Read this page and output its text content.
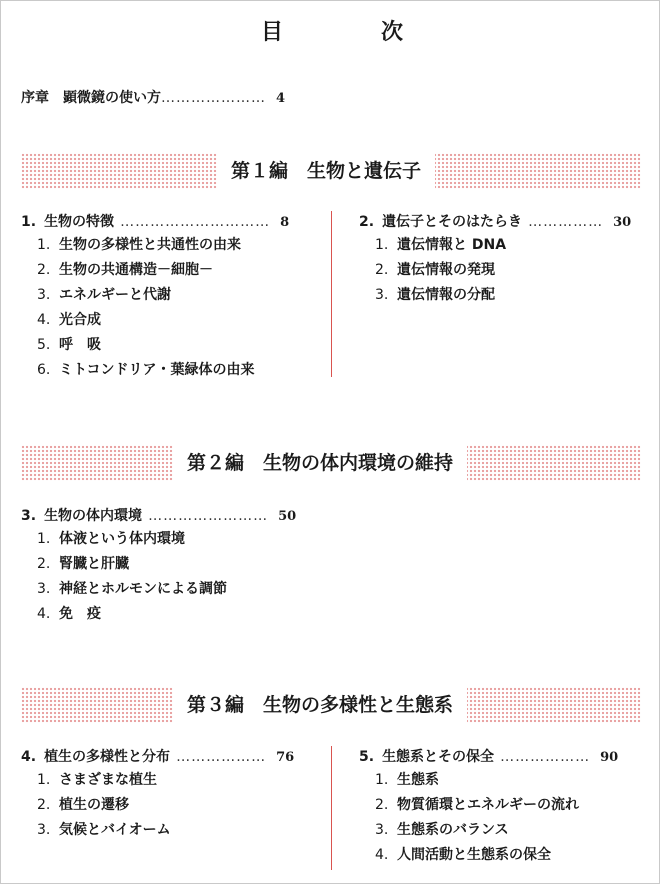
目	次
序章 顕微鏡の使い方 ………………… 4
第１編　生物と遺伝子
1. 生物の特徴 ………………………… 8
1. 生物の多様性と共通性の由来
2. 生物の共通構造－細胞－
3. エネルギーと代謝
4. 光合成
5. 呼　吸
6. ミトコンドリア・葉緑体の由来
2. 遺伝子とそのはたらき …………… 30
1. 遺伝情報と DNA
2. 遺伝情報の発現
3. 遺伝情報の分配
第２編　生物の体内環境の維持
3. 生物の体内環境 …………………… 50
1. 体液という体内環境
2. 腎臓と肝臓
3. 神経とホルモンによる調節
4. 免　疫
第３編　生物の多様性と生態系
4. 植生の多様性と分布 ……………… 76
1. さまざまな植生
2. 植生の遷移
3. 気候とバイオーム
5. 生態系とその保全 ……………… 90
1. 生態系
2. 物質循環とエネルギーの流れ
3. 生態系のバランス
4. 人間活動と生態系の保全
